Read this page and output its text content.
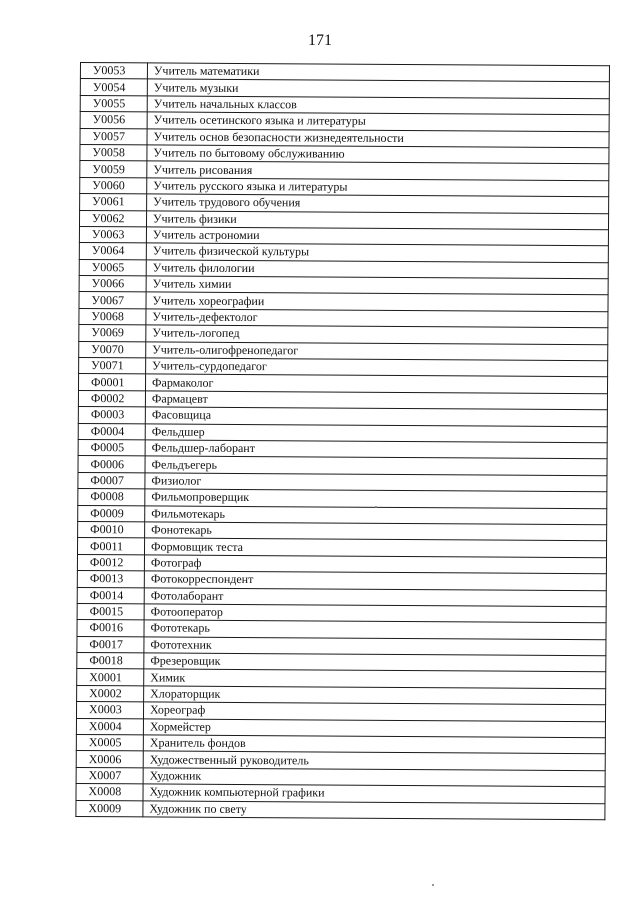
171
У0053	Учитель математики
У0054	Учитель музыки
У0055	Учитель начальных классов
У0056	Учитель осетинского языка и литературы
У0057	Учитель основ безопасности жизнедеятельности
У0058	Учитель по бытовому обслуживанию
У0059	Учитель рисования
У0060	Учитель русского языка и литературы
У0061	Учитель трудового обучения
У0062	Учитель физики
У0063	Учитель астрономии
У0064	Учитель физической культуры
У0065	Учитель филологии
У0066	Учитель химии
У0067	Учитель хореографии
У0068	Учитель-дефектолог
У0069	Учитель-логопед
У0070	Учитель-олигофренопедагог
У0071	Учитель-сурдопедагог
Ф0001	Фармаколог
Ф0002	Фармацевт
Ф0003	Фасовщица
Ф0004	Фельдшер
Ф0005	Фельдшер-лаборант
Ф0006	Фельдъегерь
Ф0007	Физиолог
Ф0008	Фильмопроверщик
Ф0009	Фильмотекарь
Ф0010	Фонотекарь
Ф0011	Формовщик теста
Ф0012	Фотограф
Ф0013	Фотокорреспондент
Ф0014	Фотолаборант
Ф0015	Фотооператор
Ф0016	Фототекарь
Ф0017	Фототехник
Ф0018	Фрезеровщик
Х0001	Химик
Х0002	Хлораторщик
Х0003	Хореограф
Х0004	Хормейстер
Х0005	Хранитель фондов
Х0006	Художественный руководитель
Х0007	Художник
Х0008	Художник компьютерной графики
Х0009	Художник по свету
